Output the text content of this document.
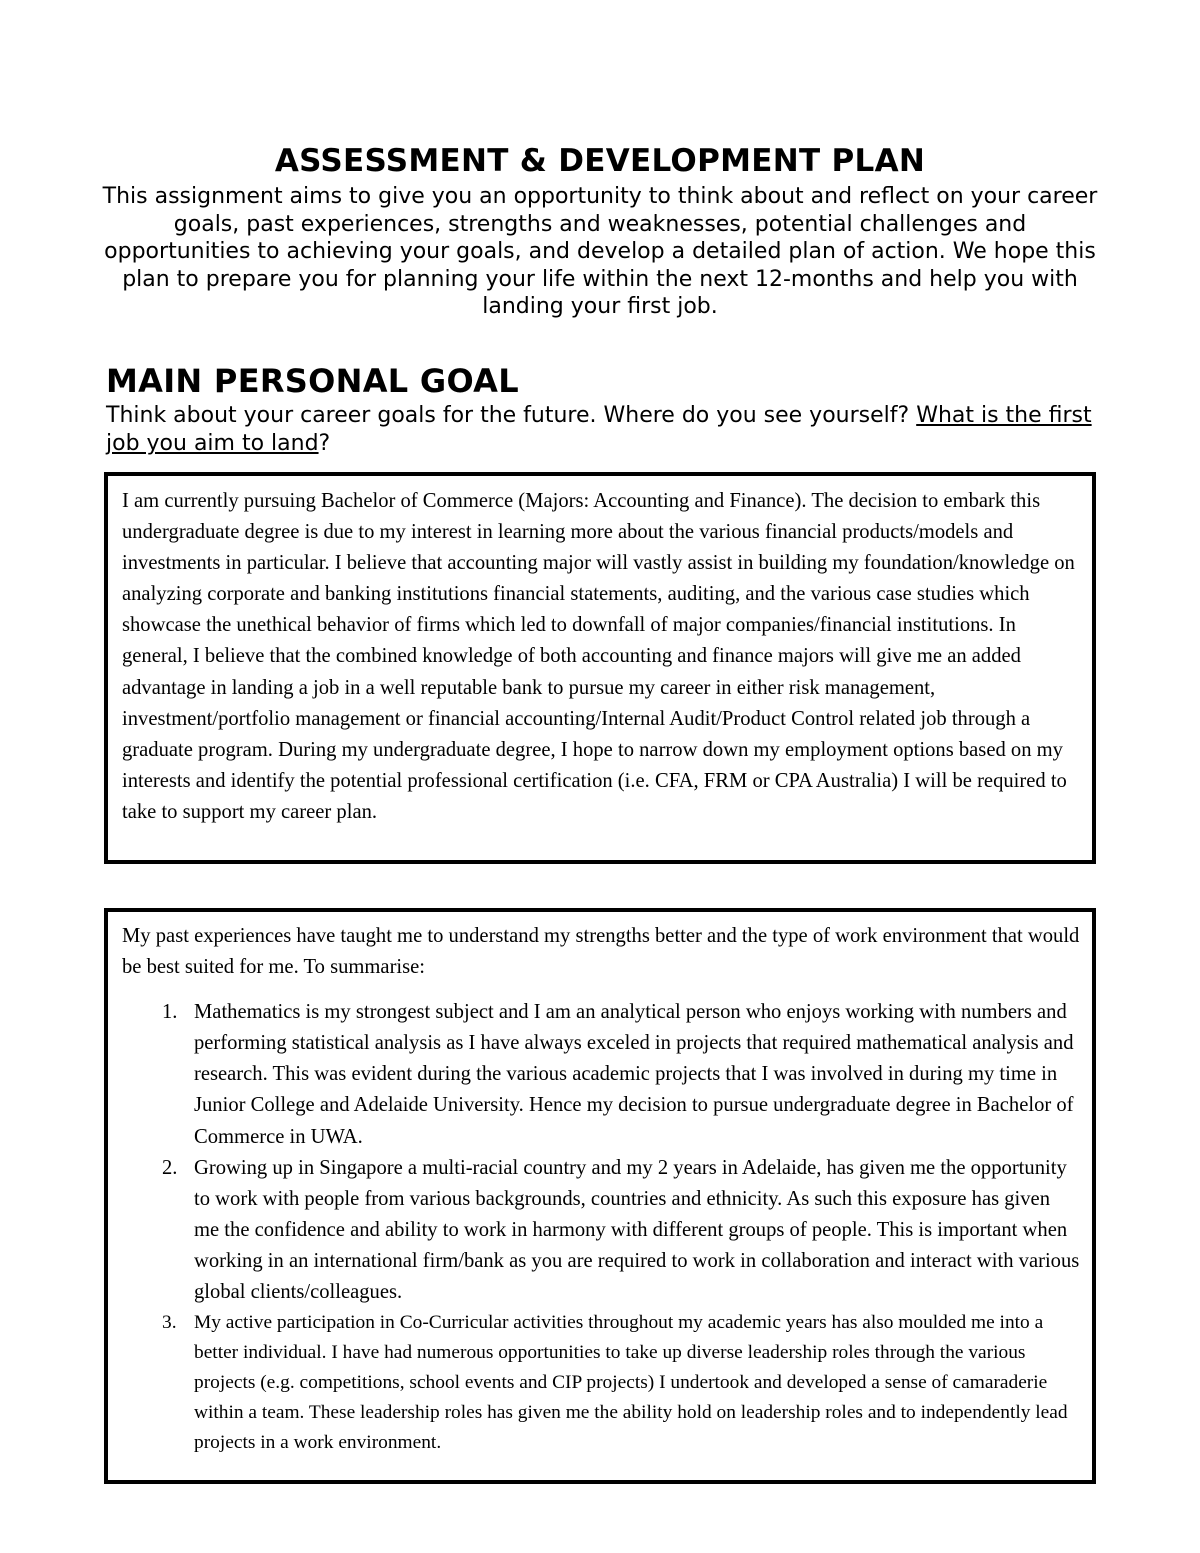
ASSESSMENT & DEVELOPMENT PLAN

This assignment aims to give you an opportunity to think about and reflect on your career goals, past experiences, strengths and weaknesses, potential challenges and opportunities to achieving your goals, and develop a detailed plan of action. We hope this plan to prepare you for planning your life within the next 12-months and help you with landing your first job.

MAIN PERSONAL GOAL

Think about your career goals for the future. Where do you see yourself? What is the first job you aim to land?

I am currently pursuing Bachelor of Commerce (Majors: Accounting and Finance). The decision to embark this undergraduate degree is due to my interest in learning more about the various financial products/models and investments in particular. I believe that accounting major will vastly assist in building my foundation/knowledge on analyzing corporate and banking institutions financial statements, auditing, and the various case studies which showcase the unethical behavior of firms which led to downfall of major companies/financial institutions. In general, I believe that the combined knowledge of both accounting and finance majors will give me an added advantage in landing a job in a well reputable bank to pursue my career in either risk management, investment/portfolio management or financial accounting/Internal Audit/Product Control related job through a graduate program. During my undergraduate degree, I hope to narrow down my employment options based on my interests and identify the potential professional certification (i.e. CFA, FRM or CPA Australia) I will be required to take to support my career plan.

My past experiences have taught me to understand my strengths better and the type of work environment that would be best suited for me. To summarise:

1. Mathematics is my strongest subject and I am an analytical person who enjoys working with numbers and performing statistical analysis as I have always exceled in projects that required mathematical analysis and research. This was evident during the various academic projects that I was involved in during my time in Junior College and Adelaide University. Hence my decision to pursue undergraduate degree in Bachelor of Commerce in UWA.
2. Growing up in Singapore a multi-racial country and my 2 years in Adelaide, has given me the opportunity to work with people from various backgrounds, countries and ethnicity. As such this exposure has given me the confidence and ability to work in harmony with different groups of people. This is important when working in an international firm/bank as you are required to work in collaboration and interact with various global clients/colleagues.
3. My active participation in Co-Curricular activities throughout my academic years has also moulded me into a better individual. I have had numerous opportunities to take up diverse leadership roles through the various projects (e.g. competitions, school events and CIP projects) I undertook and developed a sense of camaraderie within a team. These leadership roles has given me the ability hold on leadership roles and to independently lead projects in a work environment.
